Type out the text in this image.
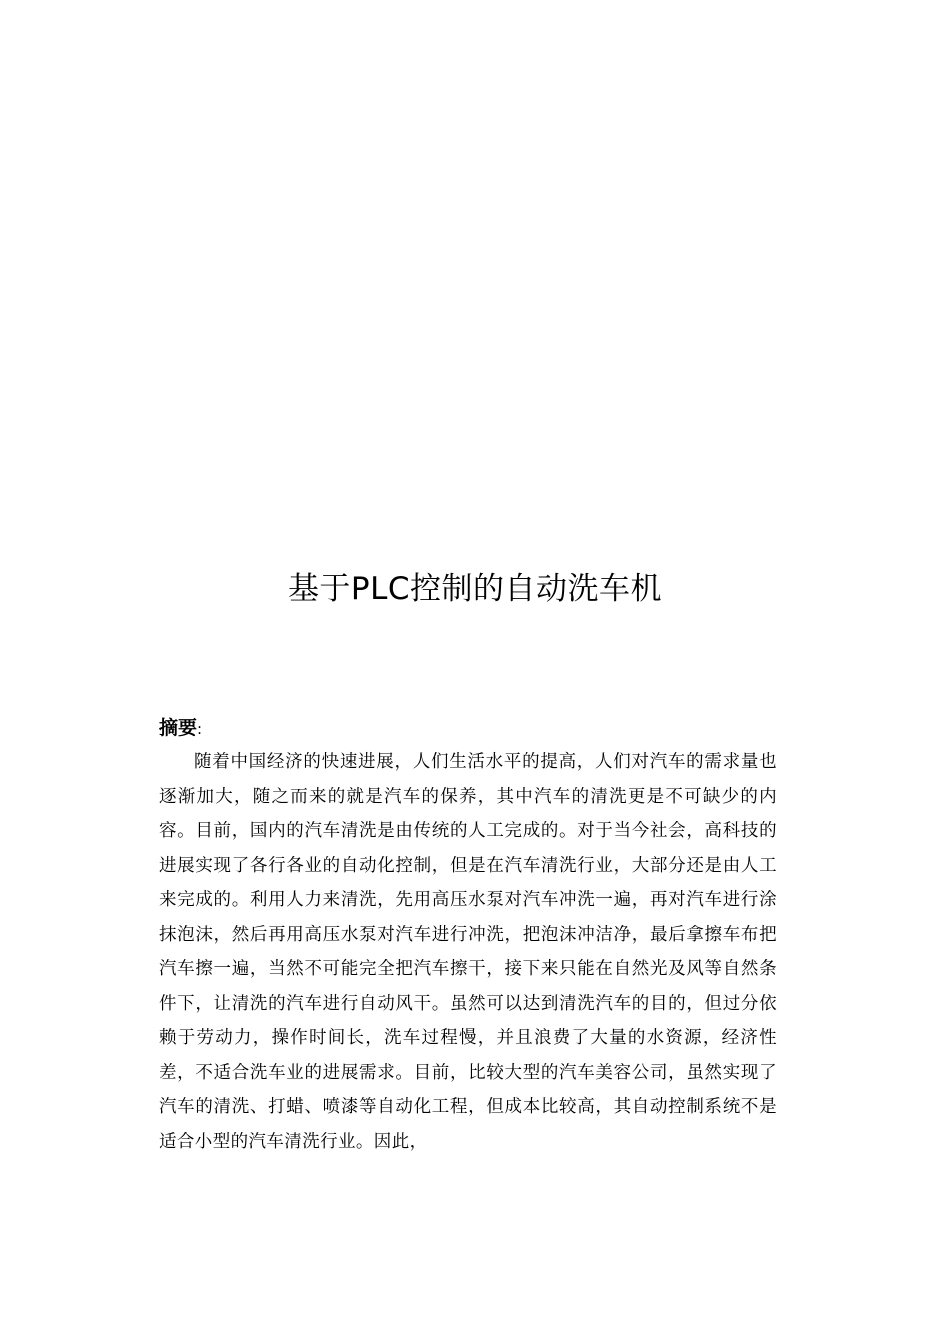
基于PLC控制的自动洗车机

摘要:

随着中国经济的快速进展，人们生活水平的提高，人们对汽车的需求量也逐渐加大，随之而来的就是汽车的保养，其中汽车的清洗更是不可缺少的内容。目前，国内的汽车清洗是由传统的人工完成的。对于当今社会，高科技的进展实现了各行各业的自动化控制，但是在汽车清洗行业，大部分还是由人工来完成的。利用人力来清洗，先用高压水泵对汽车冲洗一遍，再对汽车进行涂抹泡沫，然后再用高压水泵对汽车进行冲洗，把泡沫冲洁净，最后拿擦车布把汽车擦一遍，当然不可能完全把汽车擦干，接下来只能在自然光及风等自然条件下，让清洗的汽车进行自动风干。虽然可以达到清洗汽车的目的，但过分依赖于劳动力，操作时间长，洗车过程慢，并且浪费了大量的水资源，经济性差，不适合洗车业的进展需求。目前，比较大型的汽车美容公司，虽然实现了汽车的清洗、打蜡、喷漆等自动化工程，但成本比较高，其自动控制系统不是适合小型的汽车清洗行业。因此，
